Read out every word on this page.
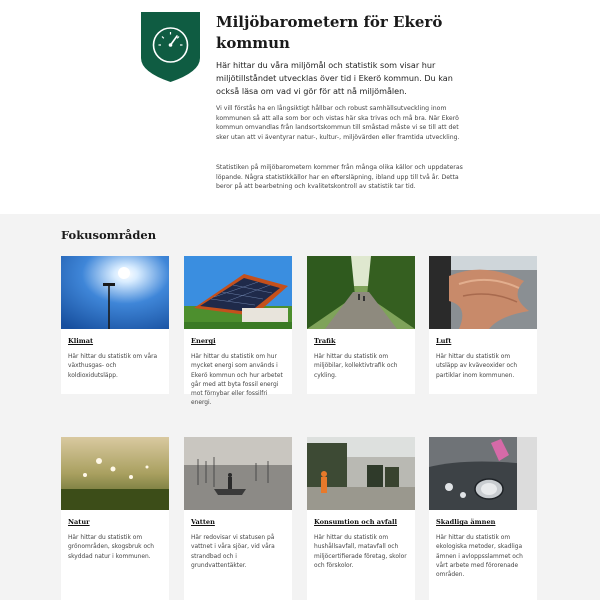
Miljöbarometern för Ekerö kommun

Här hittar du våra miljömål och statistik som visar hur miljötillståndet utvecklas över tid i Ekerö kommun. Du kan också läsa om vad vi gör för att nå miljömålen.

Vi vill förstås ha en långsiktigt hållbar och robust samhällsutveckling inom kommunen så att alla som bor och vistas här ska trivas och må bra. När Ekerö kommun omvandlas från landsortskommun till småstad måste vi se till att det sker utan att vi äventyrar natur-, kultur-, miljövärden eller framtida utveckling.

Statistiken på miljöbarometern kommer från många olika källor och uppdateras löpande. Några statistikkällor har en eftersläpning, ibland upp till två år. Detta beror på att bearbetning och kvalitetskontroll av statistik tar tid.

Fokusområden
Klimat
Här hittar du statistik om våra växthusgas- och koldioxidutsläpp.
Energi
Här hittar du statistik om hur mycket energi som används i Ekerö kommun och hur arbetet går med att byta fossil energi mot förnybar eller fossilfri energi.
Trafik
Här hittar du statistik om miljöbilar, kollektivtrafik och cykling.
Luft
Här hittar du statistik om utsläpp av kväveoxider och partiklar inom kommunen.
Natur
Här hittar du statistik om grönområden, skogsbruk och skyddad natur i kommunen.
Vatten
Här redovisar vi statusen på vattnet i våra sjöar, vid våra strandbad och i grundvattentäkter.
Konsumtion och avfall
Här hittar du statistik om hushållsavfall, matavfall och miljöcertifierade företag, skolor och förskolor.
Skadliga ämnen
Här hittar du statistik om ekologiska metoder, skadliga ämnen i avloppsslammet och vårt arbete med förorenade områden.
